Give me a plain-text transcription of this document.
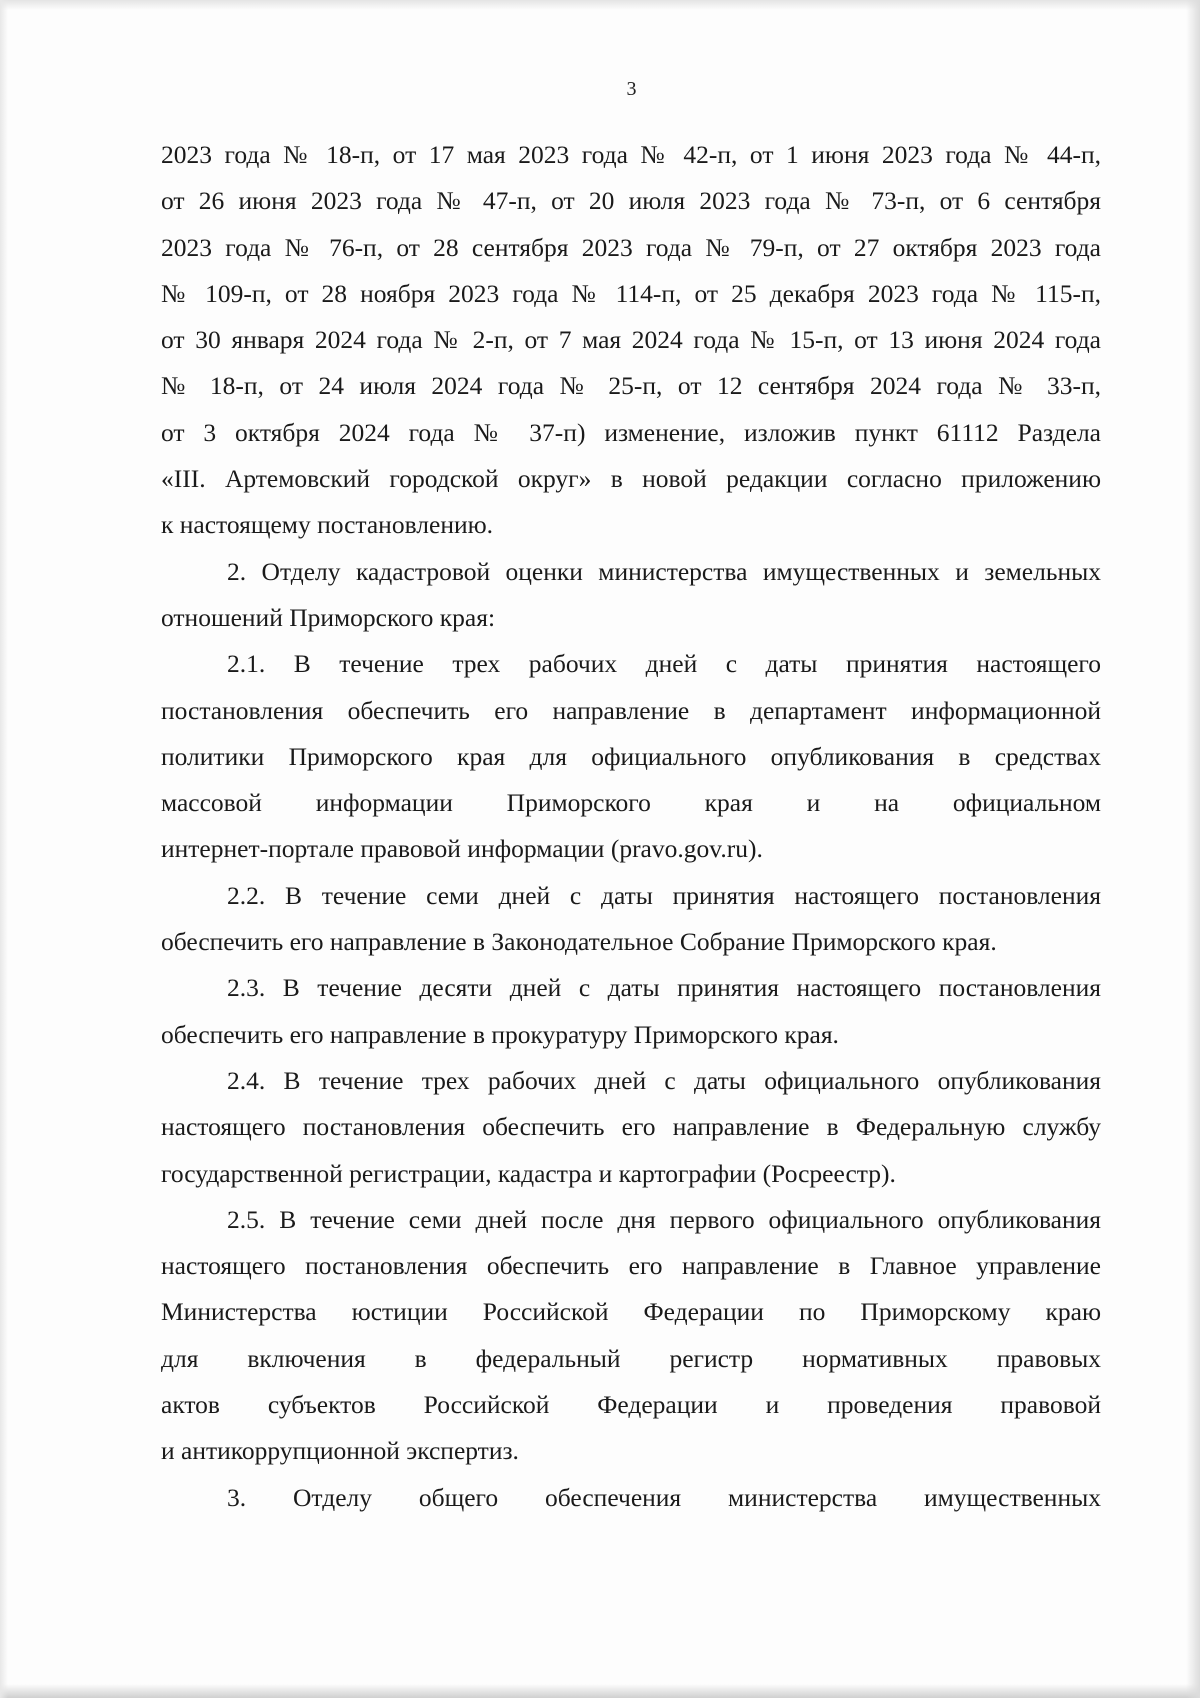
3
2023 года № 18-п, от 17 мая 2023 года № 42-п, от 1 июня 2023 года № 44-п,
от 26 июня 2023 года № 47-п, от 20 июля 2023 года № 73-п, от 6 сентября
2023 года № 76-п, от 28 сентября 2023 года № 79-п, от 27 октября 2023 года
№ 109-п, от 28 ноября 2023 года № 114-п, от 25 декабря 2023 года № 115-п,
от 30 января 2024 года № 2-п, от 7 мая 2024 года № 15-п, от 13 июня 2024 года
№ 18-п, от 24 июля 2024 года № 25-п, от 12 сентября 2024 года № 33-п,
от 3 октября 2024 года № 37-п) изменение, изложив пункт 61112 Раздела
«III. Артемовский городской округ» в новой редакции согласно приложению
к настоящему постановлению.
2. Отделу кадастровой оценки министерства имущественных и земельных
отношений Приморского края:
2.1. В течение трех рабочих дней с даты принятия настоящего
постановления обеспечить его направление в департамент информационной
политики Приморского края для официального опубликования в средствах
массовой информации Приморского края и на официальном
интернет-портале правовой информации (pravo.gov.ru).
2.2. В течение семи дней с даты принятия настоящего постановления
обеспечить его направление в Законодательное Собрание Приморского края.
2.3. В течение десяти дней с даты принятия настоящего постановления
обеспечить его направление в прокуратуру Приморского края.
2.4. В течение трех рабочих дней с даты официального опубликования
настоящего постановления обеспечить его направление в Федеральную службу
государственной регистрации, кадастра и картографии (Росреестр).
2.5. В течение семи дней после дня первого официального опубликования
настоящего постановления обеспечить его направление в Главное управление
Министерства юстиции Российской Федерации по Приморскому краю
для включения в федеральный регистр нормативных правовых
актов субъектов Российской Федерации и проведения правовой
и антикоррупционной экспертиз.
3. Отделу общего обеспечения министерства имущественных
